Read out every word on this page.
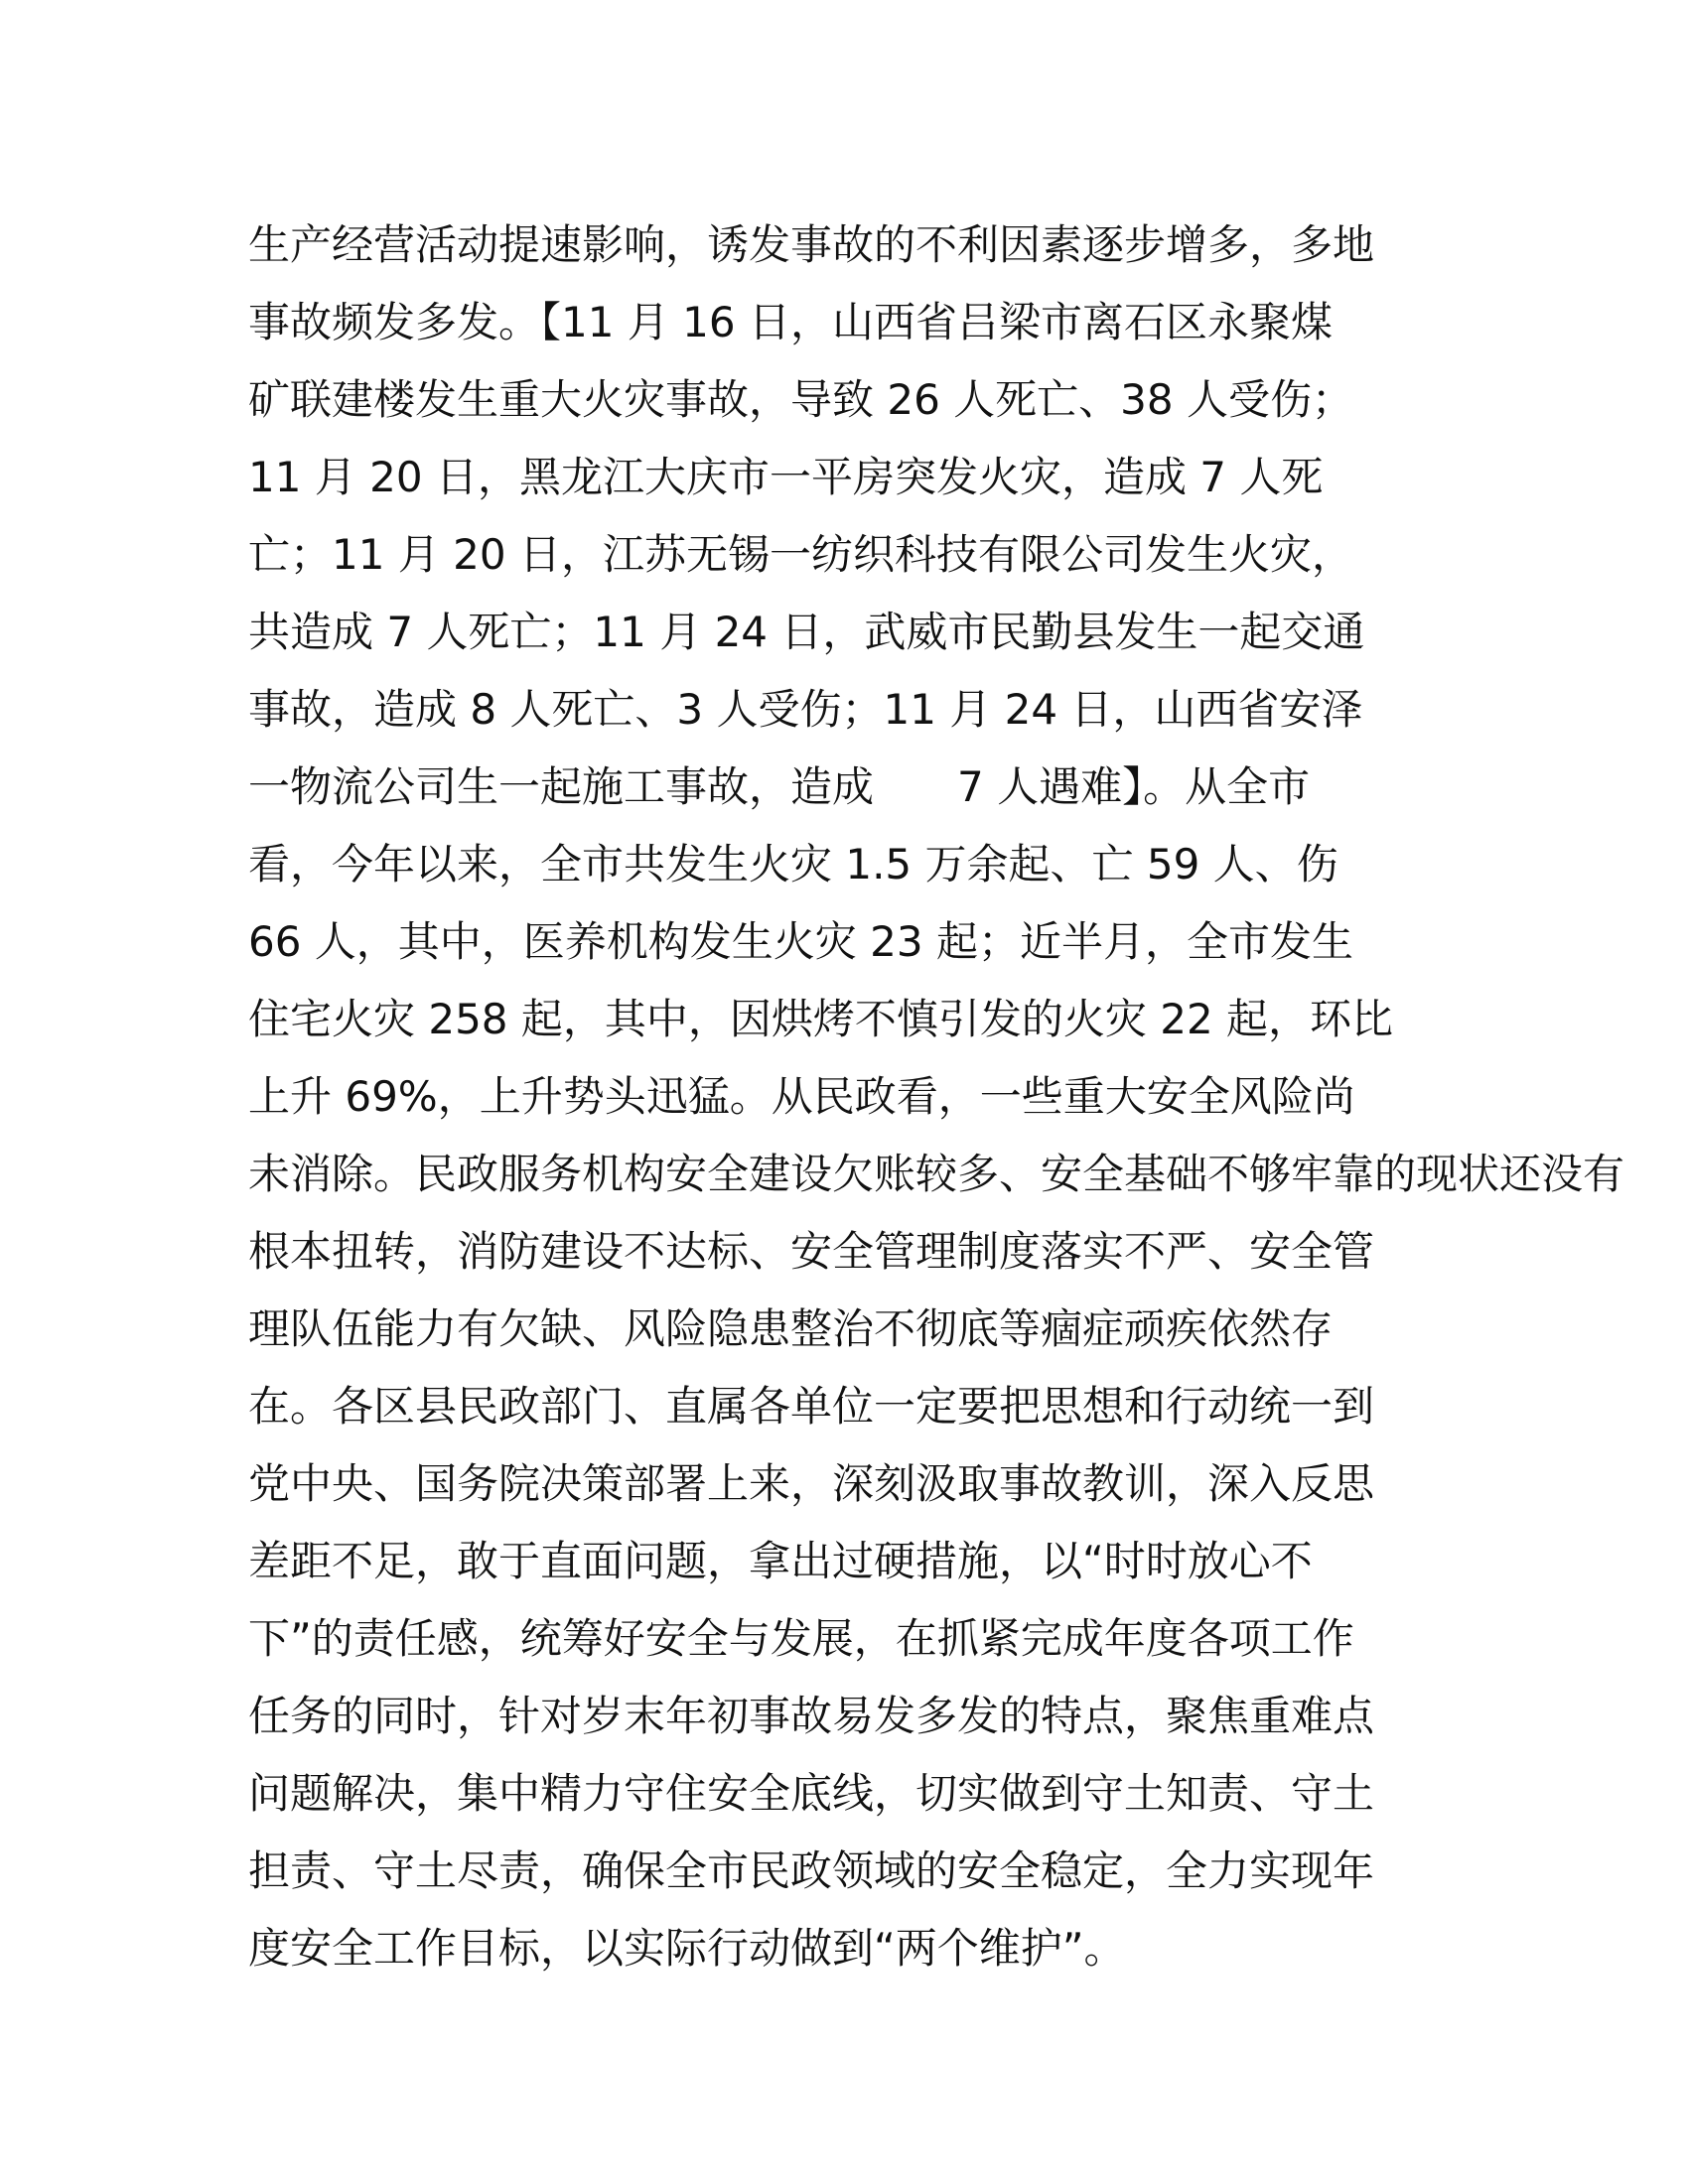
生产经营活动提速影响，诱发事故的不利因素逐步增多，多地
事故频发多发。【11 月 16 日，山西省吕梁市离石区永聚煤
矿联建楼发生重大火灾事故，导致 26 人死亡、38 人受伤；
11 月 20 日，黑龙江大庆市一平房突发火灾，造成 7 人死
亡；11 月 20 日，江苏无锡一纺织科技有限公司发生火灾，
共造成 7 人死亡；11 月 24 日，武威市民勤县发生一起交通
事故，造成 8 人死亡、3 人受伤；11 月 24 日，山西省安泽
一物流公司生一起施工事故，造成　　7 人遇难】。从全市
看，今年以来，全市共发生火灾 1.5 万余起、亡 59 人、伤
66 人，其中，医养机构发生火灾 23 起；近半月，全市发生
住宅火灾 258 起，其中，因烘烤不慎引发的火灾 22 起，环比
上升 69%，上升势头迅猛。从民政看，一些重大安全风险尚
未消除。民政服务机构安全建设欠账较多、安全基础不够牢靠的现状还没有
根本扭转，消防建设不达标、安全管理制度落实不严、安全管
理队伍能力有欠缺、风险隐患整治不彻底等痼症顽疾依然存
在。各区县民政部门、直属各单位一定要把思想和行动统一到
党中央、国务院决策部署上来，深刻汲取事故教训，深入反思
差距不足，敢于直面问题，拿出过硬措施，以“时时放心不
下”的责任感，统筹好安全与发展，在抓紧完成年度各项工作
任务的同时，针对岁末年初事故易发多发的特点，聚焦重难点
问题解决，集中精力守住安全底线，切实做到守土知责、守土
担责、守土尽责，确保全市民政领域的安全稳定，全力实现年
度安全工作目标，以实际行动做到“两个维护”。
